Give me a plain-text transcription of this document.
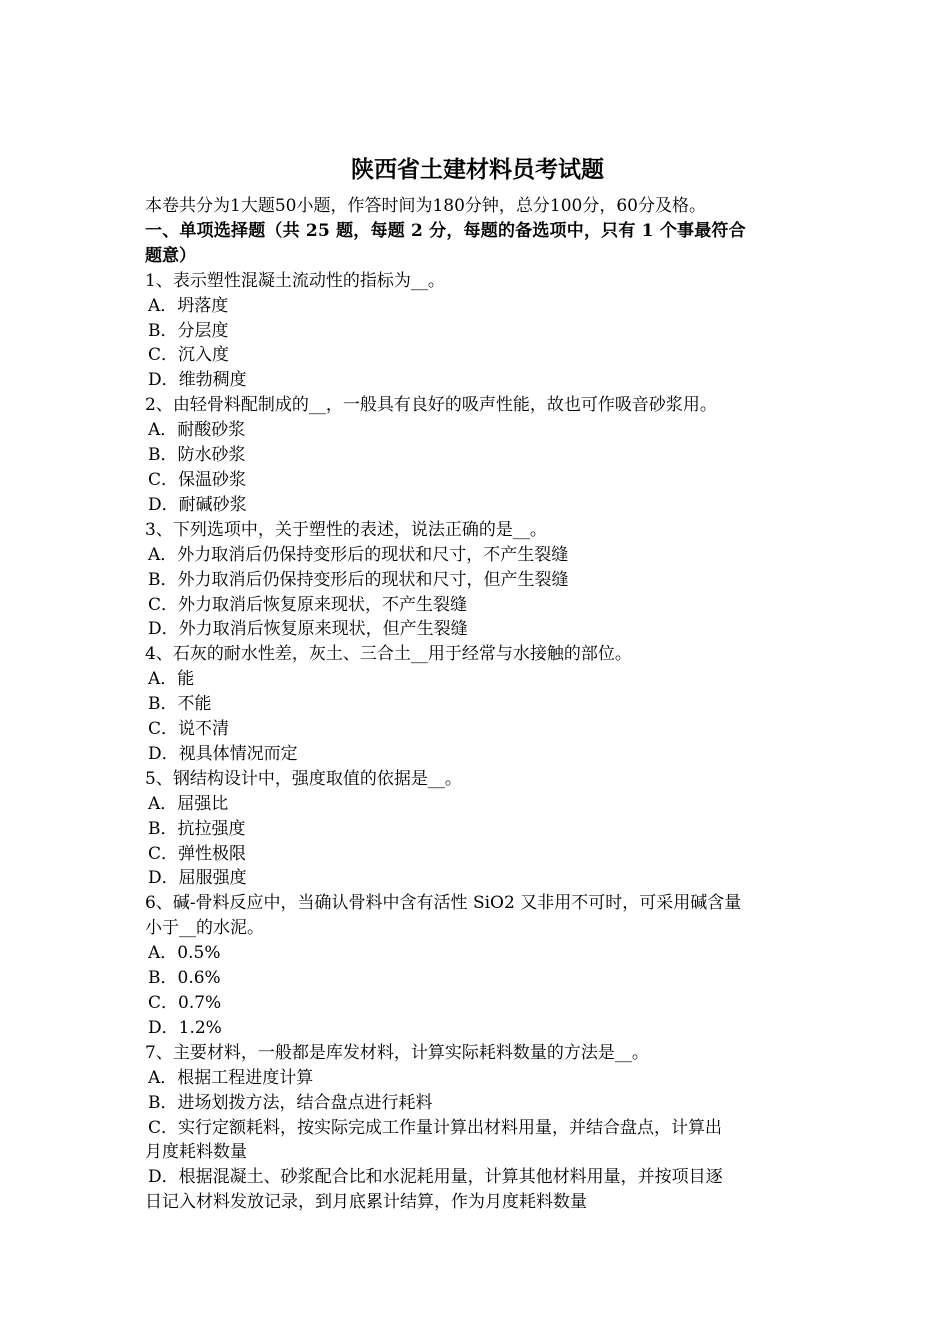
陕西省土建材料员考试题
本卷共分为1大题50小题，作答时间为180分钟，总分100分，60分及格。
一、单项选择题（共 25 题，每题 2 分，每题的备选项中，只有 1 个事最符合
题意）
1、表示塑性混凝土流动性的指标为__。
A．坍落度
B．分层度
C．沉入度
D．维勃稠度
2、由轻骨料配制成的__，一般具有良好的吸声性能，故也可作吸音砂浆用。
A．耐酸砂浆
B．防水砂浆
C．保温砂浆
D．耐碱砂浆
3、下列选项中，关于塑性的表述，说法正确的是__。
A．外力取消后仍保持变形后的现状和尺寸，不产生裂缝
B．外力取消后仍保持变形后的现状和尺寸，但产生裂缝
C．外力取消后恢复原来现状，不产生裂缝
D．外力取消后恢复原来现状，但产生裂缝
4、石灰的耐水性差，灰土、三合土__用于经常与水接触的部位。
A．能
B．不能
C．说不清
D．视具体情况而定
5、钢结构设计中，强度取值的依据是__。
A．屈强比
B．抗拉强度
C．弹性极限
D．屈服强度
6、碱-骨料反应中，当确认骨料中含有活性 SiO2 又非用不可时，可采用碱含量
小于__的水泥。
A．0.5%
B．0.6%
C．0.7%
D．1.2%
7、主要材料，一般都是库发材料，计算实际耗料数量的方法是__。
A．根据工程进度计算
B．进场划拨方法，结合盘点进行耗料
C．实行定额耗料，按实际完成工作量计算出材料用量，并结合盘点，计算出
月度耗料数量
D．根据混凝土、砂浆配合比和水泥耗用量，计算其他材料用量，并按项目逐
日记入材料发放记录，到月底累计结算，作为月度耗料数量
